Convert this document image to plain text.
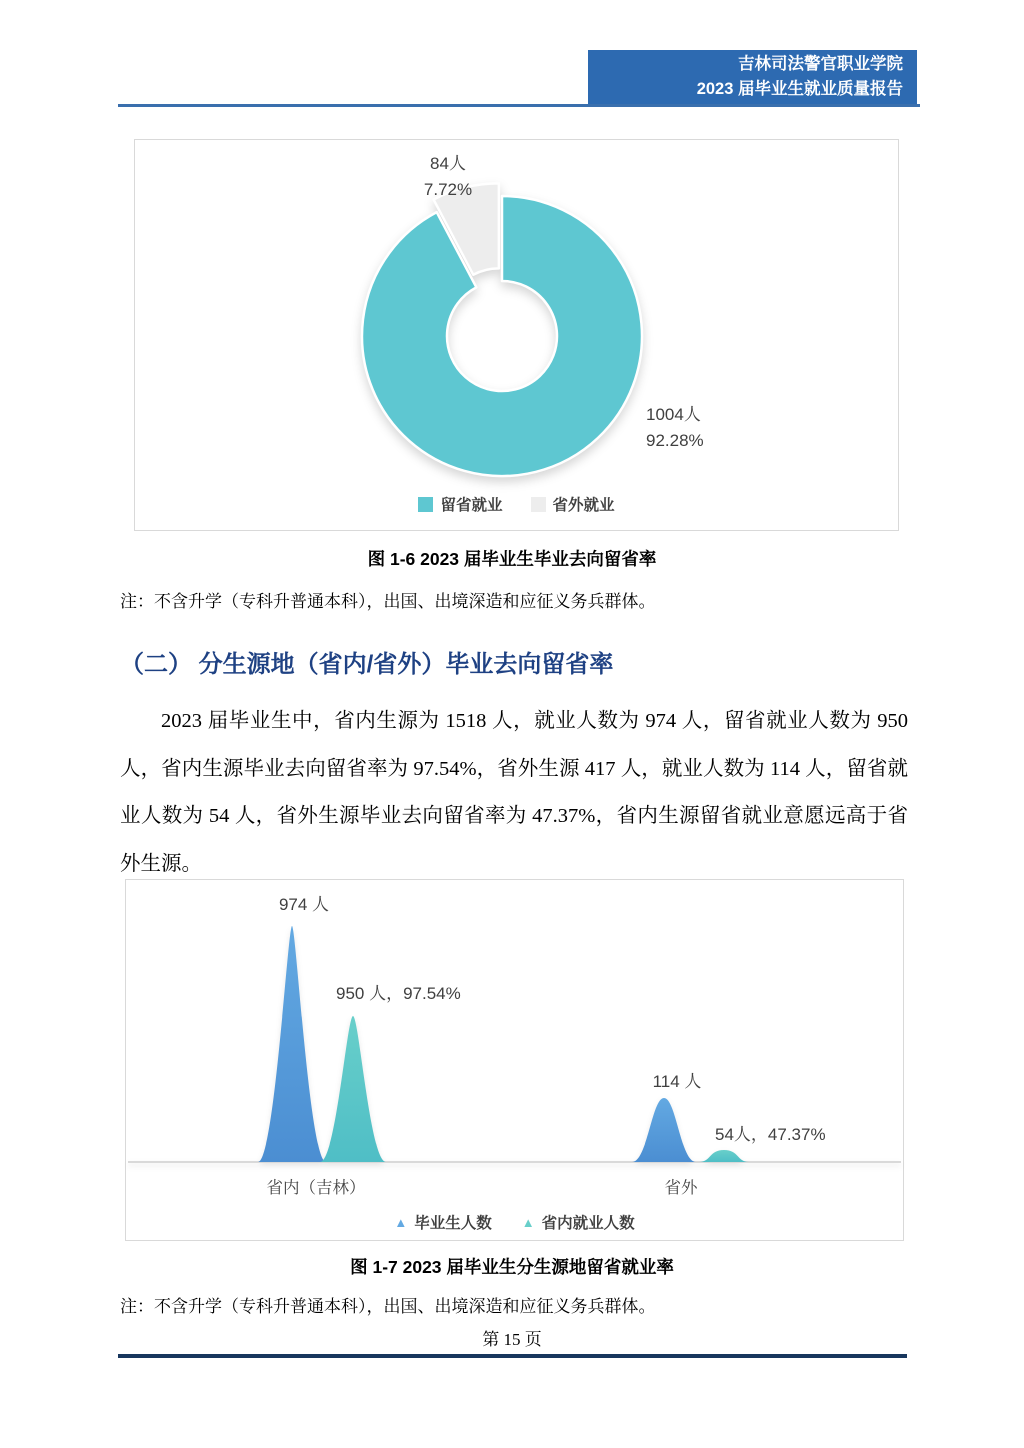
吉林司法警官职业学院
2023 届毕业生就业质量报告
84人
7.72%
1004人
92.28%
留省就业	省外就业
图 1-6 2023 届毕业生毕业去向留省率
注：不含升学（专科升普通本科），出国、出境深造和应征义务兵群体。
（二） 分生源地（省内/省外）毕业去向留省率
2023 届毕业生中，省内生源为 1518 人，就业人数为 974 人，留省就业人数为 950 人，省内生源毕业去向留省率为 97.54%，省外生源 417 人，就业人数为 114 人，留省就业人数为 54 人，省外生源毕业去向留省率为 47.37%，省内生源留省就业意愿远高于省外生源。
974 人
950 人，97.54%
114 人
54人，47.37%
省内（吉林）	省外
▲ 毕业生人数 ▲ 省内就业人数
图 1-7 2023 届毕业生分生源地留省就业率
注：不含升学（专科升普通本科），出国、出境深造和应征义务兵群体。
第 15 页
